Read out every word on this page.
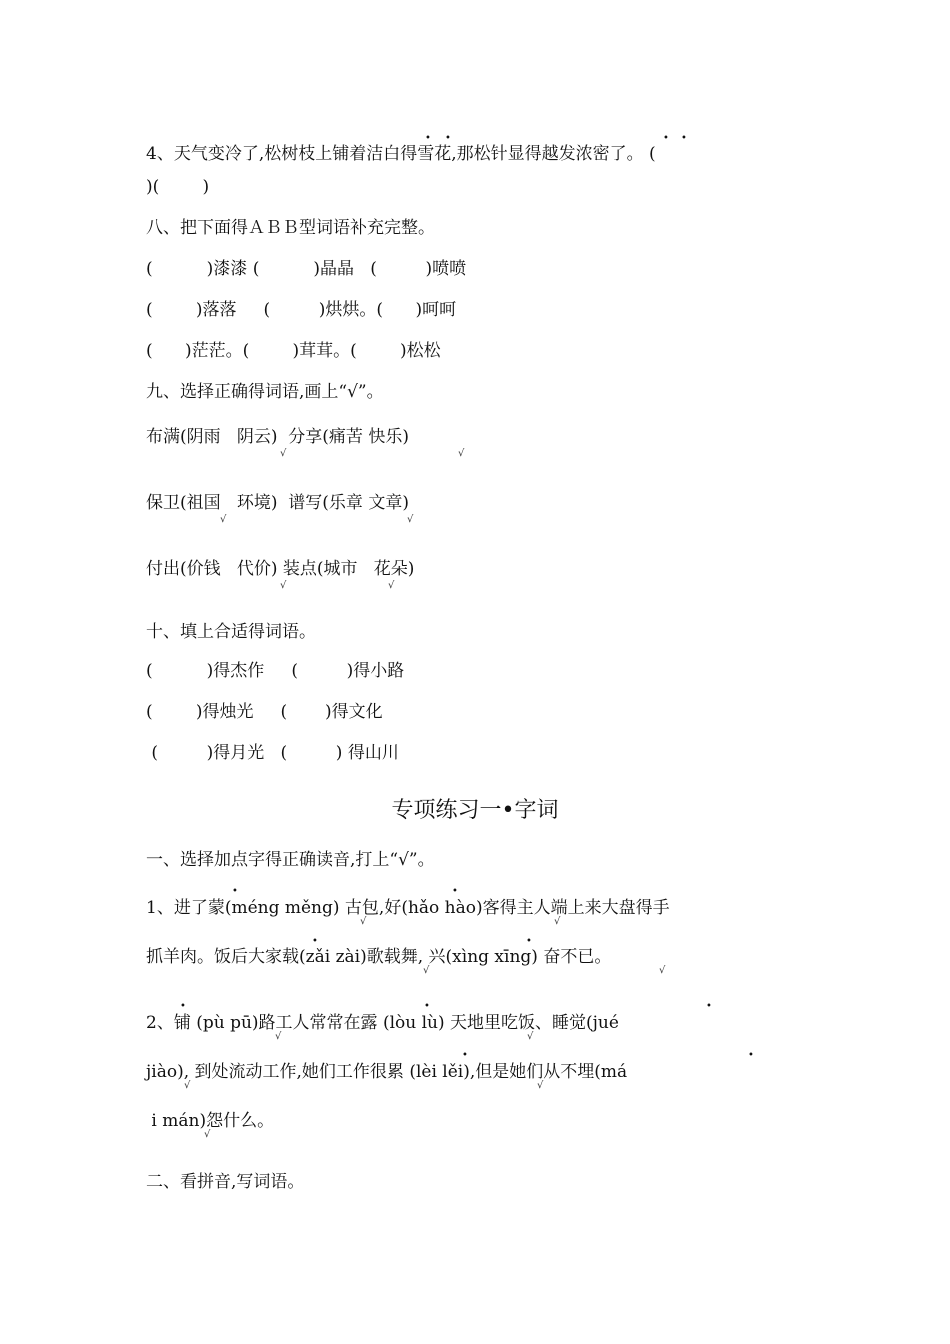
4、天气变冷了,松树枝上铺着洁白得雪花,那松针显得越发浓密了。 (
)(        )
八、把下面得ＡＢＢ型词语补充完整。
(          )漆漆 (          )晶晶   (         )喷喷
(        )落落     (         )烘烘。(      )呵呵
(      )茫茫。(        )茸茸。(        )松松
九、选择正确得词语,画上“√”。
布满(阴雨   阴云)  分享(痛苦 快乐)
保卫(祖国   环境)  谱写(乐章 文章)
付出(价钱   代价) 装点(城市   花朵)
十、填上合适得词语。
(          )得杰作     (         )得小路
(        )得烛光     (       )得文化
(         )得月光   (         ) 得山川
专项练习一•字词
一、选择加点字得正确读音,打上“√”。
1、进了蒙(méng měng) 古包,好(hǎo hào)客得主人端上来大盘得手
抓羊肉。饭后大家载(zǎi zài)歌载舞, 兴(xìng xīng) 奋不已。
2、铺 (pù pū)路工人常常在露 (lòu lù) 天地里吃饭、睡觉(jué
jiào), 到处流动工作,她们工作很累 (lèi lěi),但是她们从不埋(má
i mán)怨什么。
二、看拼音,写词语。
• •	• •
•	•
•	•
•	•	•
•	•
√	√
√	√
√	√
√	√
√	√
√	√
√	√
√
